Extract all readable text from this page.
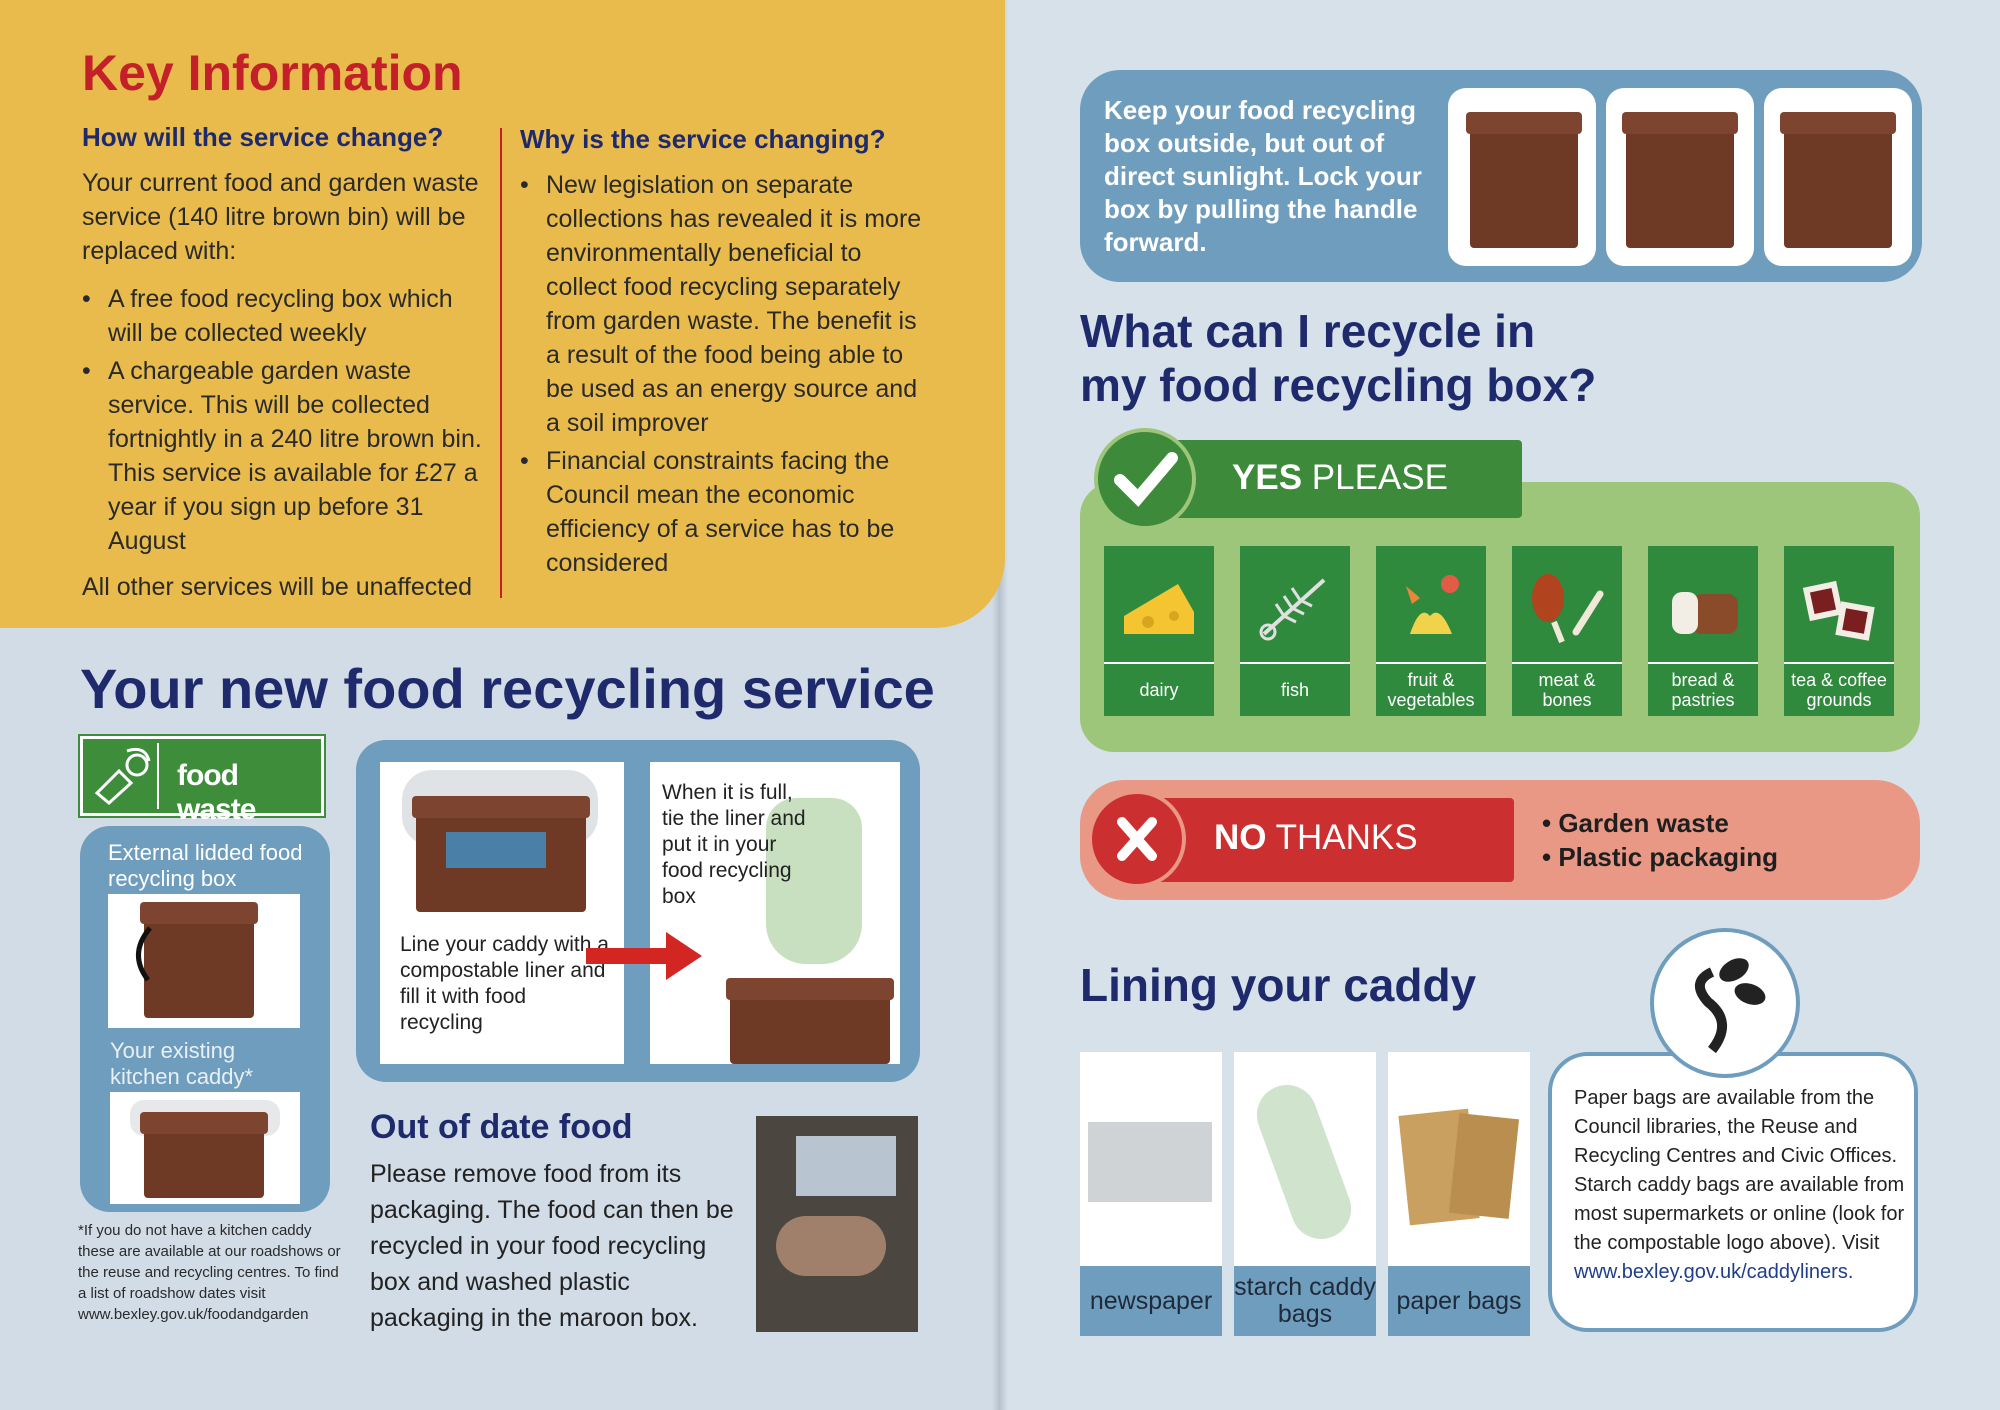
Key Information
How will the service change?
Your current food and garden waste service (140 litre brown bin) will be replaced with:
• A free food recycling box which will be collected weekly
• A chargeable garden waste service. This will be collected fortnightly in a 240 litre brown bin. This service is available for £27 a year if you sign up before 31 August
All other services will be unaffected
Why is the service changing?
• New legislation on separate collections has revealed it is more environmentally beneficial to collect food recycling separately from garden waste. The benefit is a result of the food being able to be used as an energy source and a soil improver
• Financial constraints facing the Council mean the economic efficiency of a service has to be considered
Your new food recycling service
food waste
External lidded food recycling box
Your existing kitchen caddy*
*If you do not have a kitchen caddy these are available at our roadshows or the reuse and recycling centres. To find a list of roadshow dates visit www.bexley.gov.uk/foodandgarden
Line your caddy with a compostable liner and fill it with food recycling
When it is full, tie the liner and put it in your food recycling box
Out of date food
Please remove food from its packaging. The food can then be recycled in your food recycling box and washed plastic packaging in the maroon box.
Keep your food recycling box outside, but out of direct sunlight. Lock your box by pulling the handle forward.
What can I recycle in
my food recycling box?
YES PLEASE
dairy	fish	fruit & vegetables
meat & bones
bread & pastries
tea & coffee grounds
NO THANKS
•	Garden waste
• Plastic packaging
Lining your caddy
newspaper starch caddy bags	paper bags
Paper bags are available from the Council libraries, the Reuse and Recycling Centres and Civic Offices. Starch caddy bags are available from most supermarkets or online (look for the compostable logo above). Visit www.bexley.gov.uk/caddyliners.
